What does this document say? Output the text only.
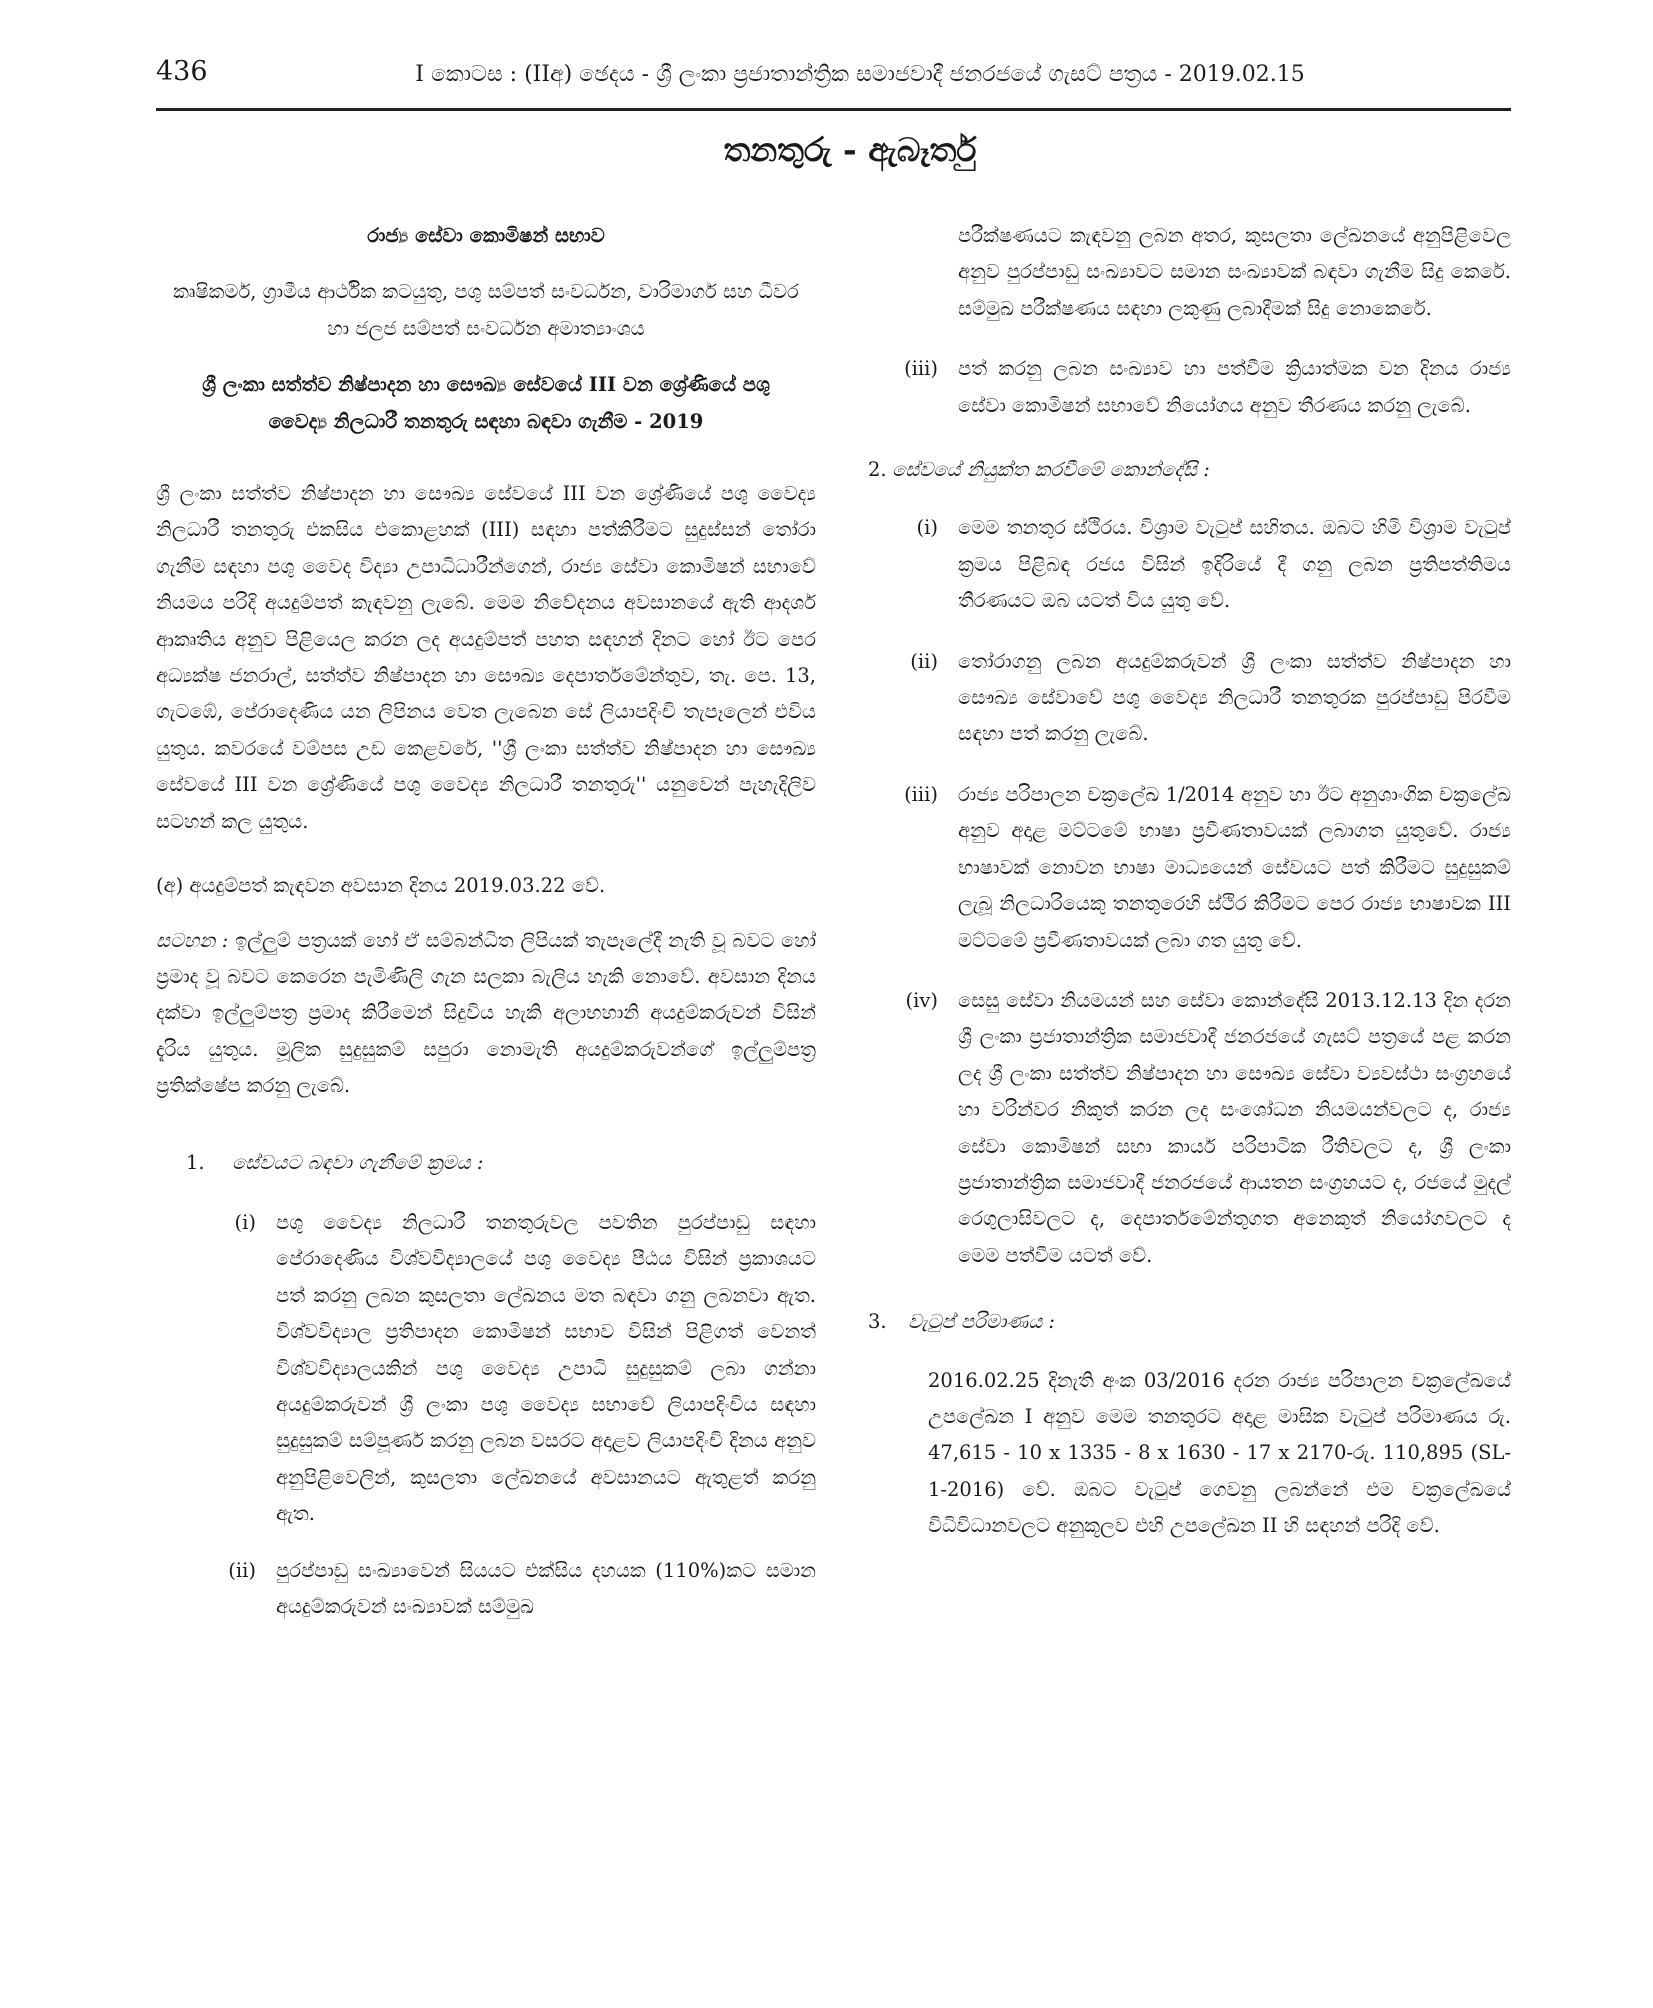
436	I කොටස : (IIඅ) ඡෙදය - ශ්‍රී ලංකා ප්‍රජාතාන්ත්‍රික සමාජවාදී ජනරජයේ ගැසට් පත්‍රය - 2019.02.15
තනතුරු - ඇබෑර්තු

රාජ්‍ය සේවා කොමිෂන් සභාව

කෘෂිකර්ම, ග්‍රාමීය ආර්ථික කටයුතු, පශු සම්පත් සංවර්ධන, වාරිමාර්ග සහ ධීවර හා ජලජ සම්පත් සංවර්ධන අමාත්‍යාංශය

ශ්‍රී ලංකා සත්ත්ව නිෂ්පාදන හා සෞඛ්‍ය සේවයේ III වන ශ්‍රේණියේ පශු වෛද්‍ය නිලධාරී තනතුරු සඳහා බඳවා ගැනීම - 2019

ශ්‍රී ලංකා සත්ත්ව නිෂ්පාදන හා සෞඛ්‍ය සේවයේ III වන ශ්‍රේණියේ පශු වෛද්‍ය නිලධාරී තනතුරු එකසිය එකොළහක් (III) සඳහා පත්කිරීමට සුදුස්සන් තෝරා ගැනීම සඳහා පශු වෛද විද්‍යා උපාධිධාරීන්ගෙන්, රාජ්‍ය සේවා කොමිෂන් සභාවේ නියමය පරිදි අයදුම්පත් කැඳවනු ලැබේ. මෙම නිවේදනය අවසානයේ ඇති ආදර්ශ ආකෘතිය අනුව පිළියෙල කරන ලද අයදුම්පත් පහත සඳහන් දිනට හෝ ඊට පෙර අධ්‍යක්ෂ ජනරාල්, සත්ත්ව නිෂ්පාදන හා සෞඛ්‍ය දෙපාර්තමේන්තුව, තැ. පෙ. 13, ගැටඹේ, පේරාදෙණිය යන ලිපිනය වෙත ලැබෙන සේ ලියාපදිංචි තැපෑලෙන් එවිය යුතුය. කවරයේ වම්පස උඩ කෙළවරේ, ''ශ්‍රී ලංකා සත්ත්ව නිෂ්පාදන හා සෞඛ්‍ය සේවයේ III වන ශ්‍රේණියේ පශු වෛද්‍ය නිලධාරී තනතුරු'' යනුවෙන් පැහැදිලිව සටහන් කල යුතුය.

(අ) අයදුම්පත් කැඳවන අවසාන දිනය 2019.03.22 වේ.

සටහන : ඉල්ලුම් පත්‍රයක් හෝ ඒ සම්බන්ධිත ලිපියක් තැපෑලේදී නැති වූ බවට හෝ ප්‍රමාද වූ බවට කෙරෙන පැමිණිලි ගැන සලකා බැලිය හැකි නොවේ. අවසාන දිනය දක්වා ඉල්ලුම්පත්‍ර ප්‍රමාද කිරීමෙන් සිදුවිය හැකි අලාභහානි අයදුම්කරුවන් විසින් දැරිය යුතුය. මූලික සුදුසුකම් සපුරා නොමැති අයදුම්කරුවන්ගේ ඉල්ලුම්පත්‍ර ප්‍රතික්ෂේප කරනු ලැබේ.

1.	සේවයට බඳවා ගැනීමේ ක්‍රමය :
(i)	පශු වෛද්‍ය නිලධාරී තනතුරුවල පවතින පුරප්පාඩු සඳහා පේරාදෙණිය විශ්වවිද්‍යාලයේ පශු වෛද්‍ය පීඨය විසින් ප්‍රකාශයට පත් කරනු ලබන කුසලතා ලේඛනය මත බඳවා ගනු ලබනවා ඇත. විශ්වවිද්‍යාල ප්‍රතිපාදන කොමිෂන් සභාව විසින් පිළිගත් වෙනත් විශ්වවිද්‍යාලයකින් පශු වෛද්‍ය උපාධි සුදුසුකම් ලබා ගන්නා අයදුම්කරුවන් ශ්‍රී ලංකා පශු වෛද්‍ය සභාවේ ලියාපදිංචිය සඳහා සුදුසුකම් සම්පූර්ණ කරනු ලබන වසරට අදාළව ලියාපදිංචි දිනය අනුව අනුපිළිවෙලින්, කුසලතා ලේඛනයේ අවසානයට ඇතුළත් කරනු ඇත.
(ii)	පුරප්පාඩු සංඛ්‍යාවෙන් සියයට එක්සිය දහයක (110%)කට සමාන අයදුම්කරුවන් සංඛ්‍යාවක් සම්මුඛ

පරීක්ෂණයට කැඳවනු ලබන අතර, කුසලතා ලේඛනයේ අනුපිළිවෙල අනුව පුරප්පාඩු සංඛ්‍යාවට සමාන සංඛ්‍යාවක් බඳවා ගැනීම සිදු කෙරේ. සම්මුඛ පරීක්ෂණය සඳහා ලකුණු ලබාදීමක් සිදු නොකෙරේ.

(iii)	පත් කරනු ලබන සංඛ්‍යාව හා පත්වීම ක්‍රියාත්මක වන දිනය රාජ්‍ය සේවා කොමිෂන් සභාවේ නියෝගය අනුව තීරණය කරනු ලැබේ.
2. සේවයේ නියුක්ත කරවීමේ කොන්දේසි :
(i)	මෙම තනතුර ස්ථිරය. විශ්‍රාම වැටුප් සහිතය. ඔබට හිමි විශ්‍රාම වැටුප් ක්‍රමය පිළිබඳ රජය විසින් ඉදිරියේ දී ගනු ලබන ප්‍රතිපත්තිමය තීරණයට ඔබ යටත් විය යුතු වේ.
(ii)	තෝරාගනු ලබන අයදුම්කරුවන් ශ්‍රී ලංකා සත්ත්ව නිෂ්පාදන හා සෞඛ්‍ය සේවාවේ පශු වෛද්‍ය නිලධාරී තනතුරක පුරප්පාඩු පිරවීම සඳහා පත් කරනු ලැබේ.
(iii)	රාජ්‍ය පරිපාලන චක්‍රලේඛ 1/2014 අනුව හා ඊට අනුශාංගික චක්‍රලේඛ අනුව අදාළ මට්ටමේ භාෂා ප්‍රවීණතාවයක් ලබාගත යුතුවේ. රාජ්‍ය භාෂාවක් නොවන භාෂා මාධ්‍යයෙන් සේවයට පත් කිරීමට සුදුසුකම් ලැබූ නිලධාරියෙකු තනතුරෙහි ස්ථිර කිරීමට පෙර රාජ්‍ය භාෂාවක III මට්ටමේ ප්‍රවීණතාවයක් ලබා ගත යුතු වේ.
(iv)	සෙසු සේවා නියමයන් සහ සේවා කොන්දේසි 2013.12.13 දින දරන ශ්‍රී ලංකා ප්‍රජාතාන්ත්‍රික සමාජවාදී ජනරජයේ ගැසට් පත්‍රයේ පළ කරන ලද ශ්‍රී ලංකා සත්ත්ව නිෂ්පාදන හා සෞඛ්‍ය සේවා ව්‍යවස්ථා සංග්‍රහයේ හා වරින්වර නිකුත් කරන ලද සංශෝධන නියමයන්වලට ද, රාජ්‍ය සේවා කොමිෂන් සභා කාර්ය පරිපාටික රීතිවලට ද, ශ්‍රී ලංකා ප්‍රජාතාන්ත්‍රික සමාජවාදී ජනරජයේ ආයතන සංග්‍රහයට ද, රජයේ මුදල් රෙගුලාසිවලට ද, දෙපාර්තමේන්තුගත අනෙකුත් නියෝගවලට ද මෙම පත්වීම යටත් වේ.
3.	වැටුප් පරිමාණය :

2016.02.25 දිනැති අංක 03/2016 දරන රාජ්‍ය පරිපාලන චක්‍රලේඛයේ උපලේඛන I අනුව මෙම තනතුරට අදාළ මාසික වැටුප් පරිමාණය රු. 47,615 - 10 x 1335 - 8 x 1630 - 17 x 2170-රු. 110,895 (SL-1-2016) වේ. ඔබට වැටුප් ගෙවනු ලබන්නේ එම චක්‍රලේඛයේ විධිවිධානවලට අනුකූලව එහි උපලේඛන II හි සඳහන් පරිදි වේ.
